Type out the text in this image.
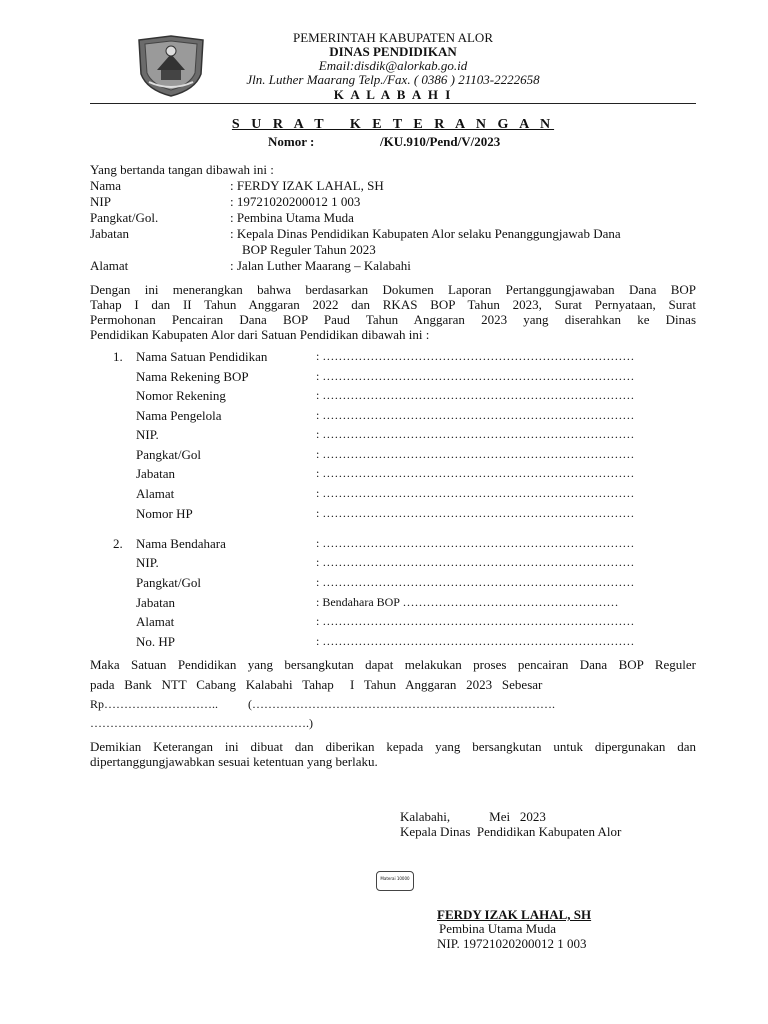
PEMERINTAH KABUPATEN ALOR
DINAS PENDIDIKAN
Email:disdik@alorkab.go.id
Jln. Luther Maarang Telp./Fax. ( 0386 ) 21103-2222658
K A L A B A H I
S U R A T   K E T E R A N G A N
Nomor :	/KU.910/Pend/V/2023
Yang bertanda tangan dibawah ini :
Nama	: FERDY IZAK LAHAL, SH
NIP	: 19721020200012 1 003
Pangkat/Gol.	: Pembina Utama Muda
Jabatan	: Kepala Dinas Pendidikan Kabupaten Alor selaku Penanggungjawab Dana
BOP Reguler Tahun 2023
Alamat	: Jalan Luther Maarang – Kalabahi
Dengan ini menerangkan bahwa berdasarkan Dokumen Laporan Pertanggungjawaban Dana BOP
Tahap I dan II Tahun Anggaran 2022 dan RKAS BOP Tahun 2023, Surat Pernyataan, Surat
Permohonan Pencairan Dana BOP Paud Tahun Anggaran 2023 yang diserahkan ke Dinas
Pendidikan Kabupaten Alor dari Satuan Pendidikan dibawah ini :
1. Nama Satuan Pendidikan	: ……………………………………………………………………
Nama Rekening BOP	: ……………………………………………………………………
Nomor Rekening	: ……………………………………………………………………
Nama Pengelola	: ……………………………………………………………………
NIP.	: ……………………………………………………………………
Pangkat/Gol	: ……………………………………………………………………
Jabatan	: ……………………………………………………………………
Alamat	: ……………………………………………………………………
Nomor HP	: ……………………………………………………………………
2. Nama Bendahara	: ……………………………………………………………………
NIP.	: ……………………………………………………………………
Pangkat/Gol	: ……………………………………………………………………
Jabatan	: Bendahara BOP ………………………………………………
Alamat	: ……………………………………………………………………
No. HP	: ……………………………………………………………………
Maka Satuan Pendidikan yang bersangkutan dapat melakukan proses pencairan Dana BOP Reguler
pada   Bank   NTT   Cabang   Kalabahi   Tahap     I   Tahun   Anggaran   2023   Sebesar
Rp………………………..          (………………………………………………………………….
……………………………………………….)
Demikian Keterangan ini dibuat dan diberikan kepada yang bersangkutan untuk dipergunakan dan
dipertanggungjawabkan sesuai ketentuan yang berlaku.
Kalabahi,            Mei   2023
Kepala Dinas  Pendidikan Kabupaten Alor
Materai 10000
FERDY IZAK LAHAL, SH
Pembina Utama Muda
NIP. 19721020200012 1 003
